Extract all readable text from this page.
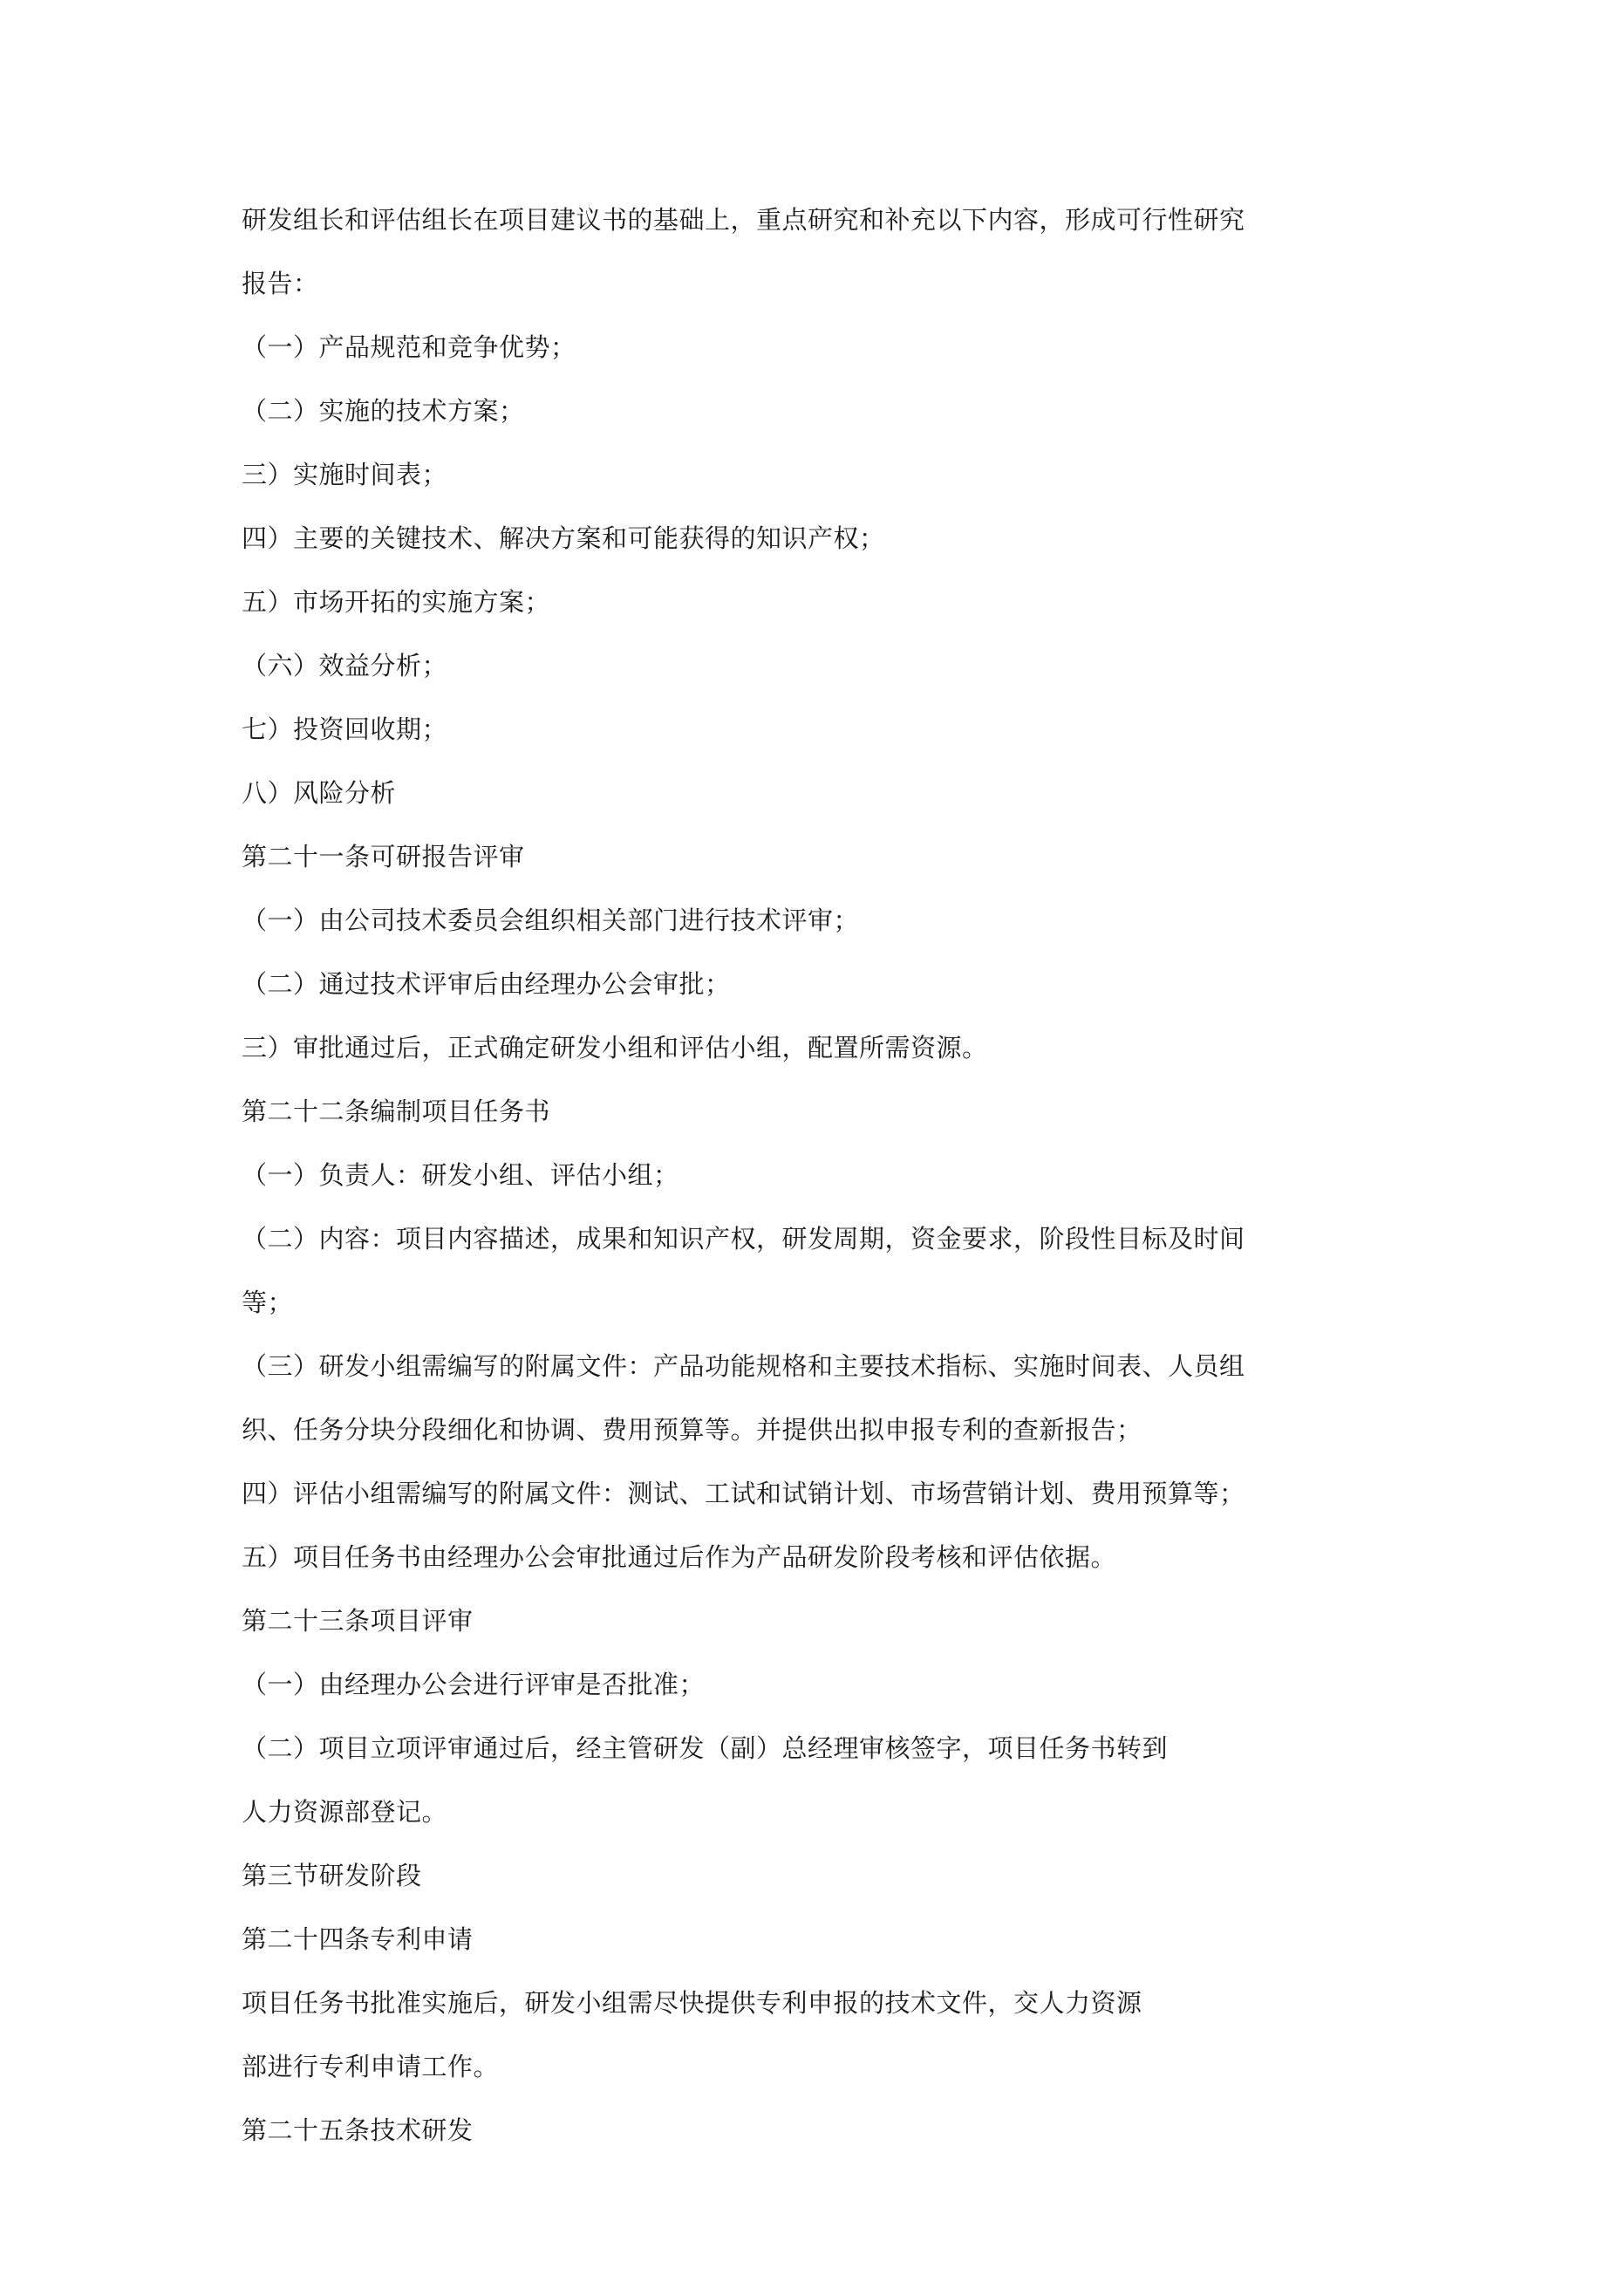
研发组长和评估组长在项目建议书的基础上，重点研究和补充以下内容，形成可行性研究

报告：

（一）产品规范和竞争优势；

（二）实施的技术方案；

三）实施时间表；

四）主要的关键技术、解决方案和可能获得的知识产权；

五）市场开拓的实施方案；

（六）效益分析；

七）投资回收期；

八）风险分析

第二十一条可研报告评审

（一）由公司技术委员会组织相关部门进行技术评审；

（二）通过技术评审后由经理办公会审批；

三）审批通过后，正式确定研发小组和评估小组，配置所需资源。

第二十二条编制项目任务书

（一）负责人：研发小组、评估小组；

（二）内容：项目内容描述，成果和知识产权，研发周期，资金要求，阶段性目标及时间

等；

（三）研发小组需编写的附属文件：产品功能规格和主要技术指标、实施时间表、人员组

织、任务分块分段细化和协调、费用预算等。并提供出拟申报专利的查新报告；

四）评估小组需编写的附属文件：测试、工试和试销计划、市场营销计划、费用预算等；

五）项目任务书由经理办公会审批通过后作为产品研发阶段考核和评估依据。

第二十三条项目评审

（一）由经理办公会进行评审是否批准；

（二）项目立项评审通过后，经主管研发（副）总经理审核签字，项目任务书转到

人力资源部登记。

第三节研发阶段

第二十四条专利申请

项目任务书批准实施后，研发小组需尽快提供专利申报的技术文件，交人力资源

部进行专利申请工作。

第二十五条技术研发
